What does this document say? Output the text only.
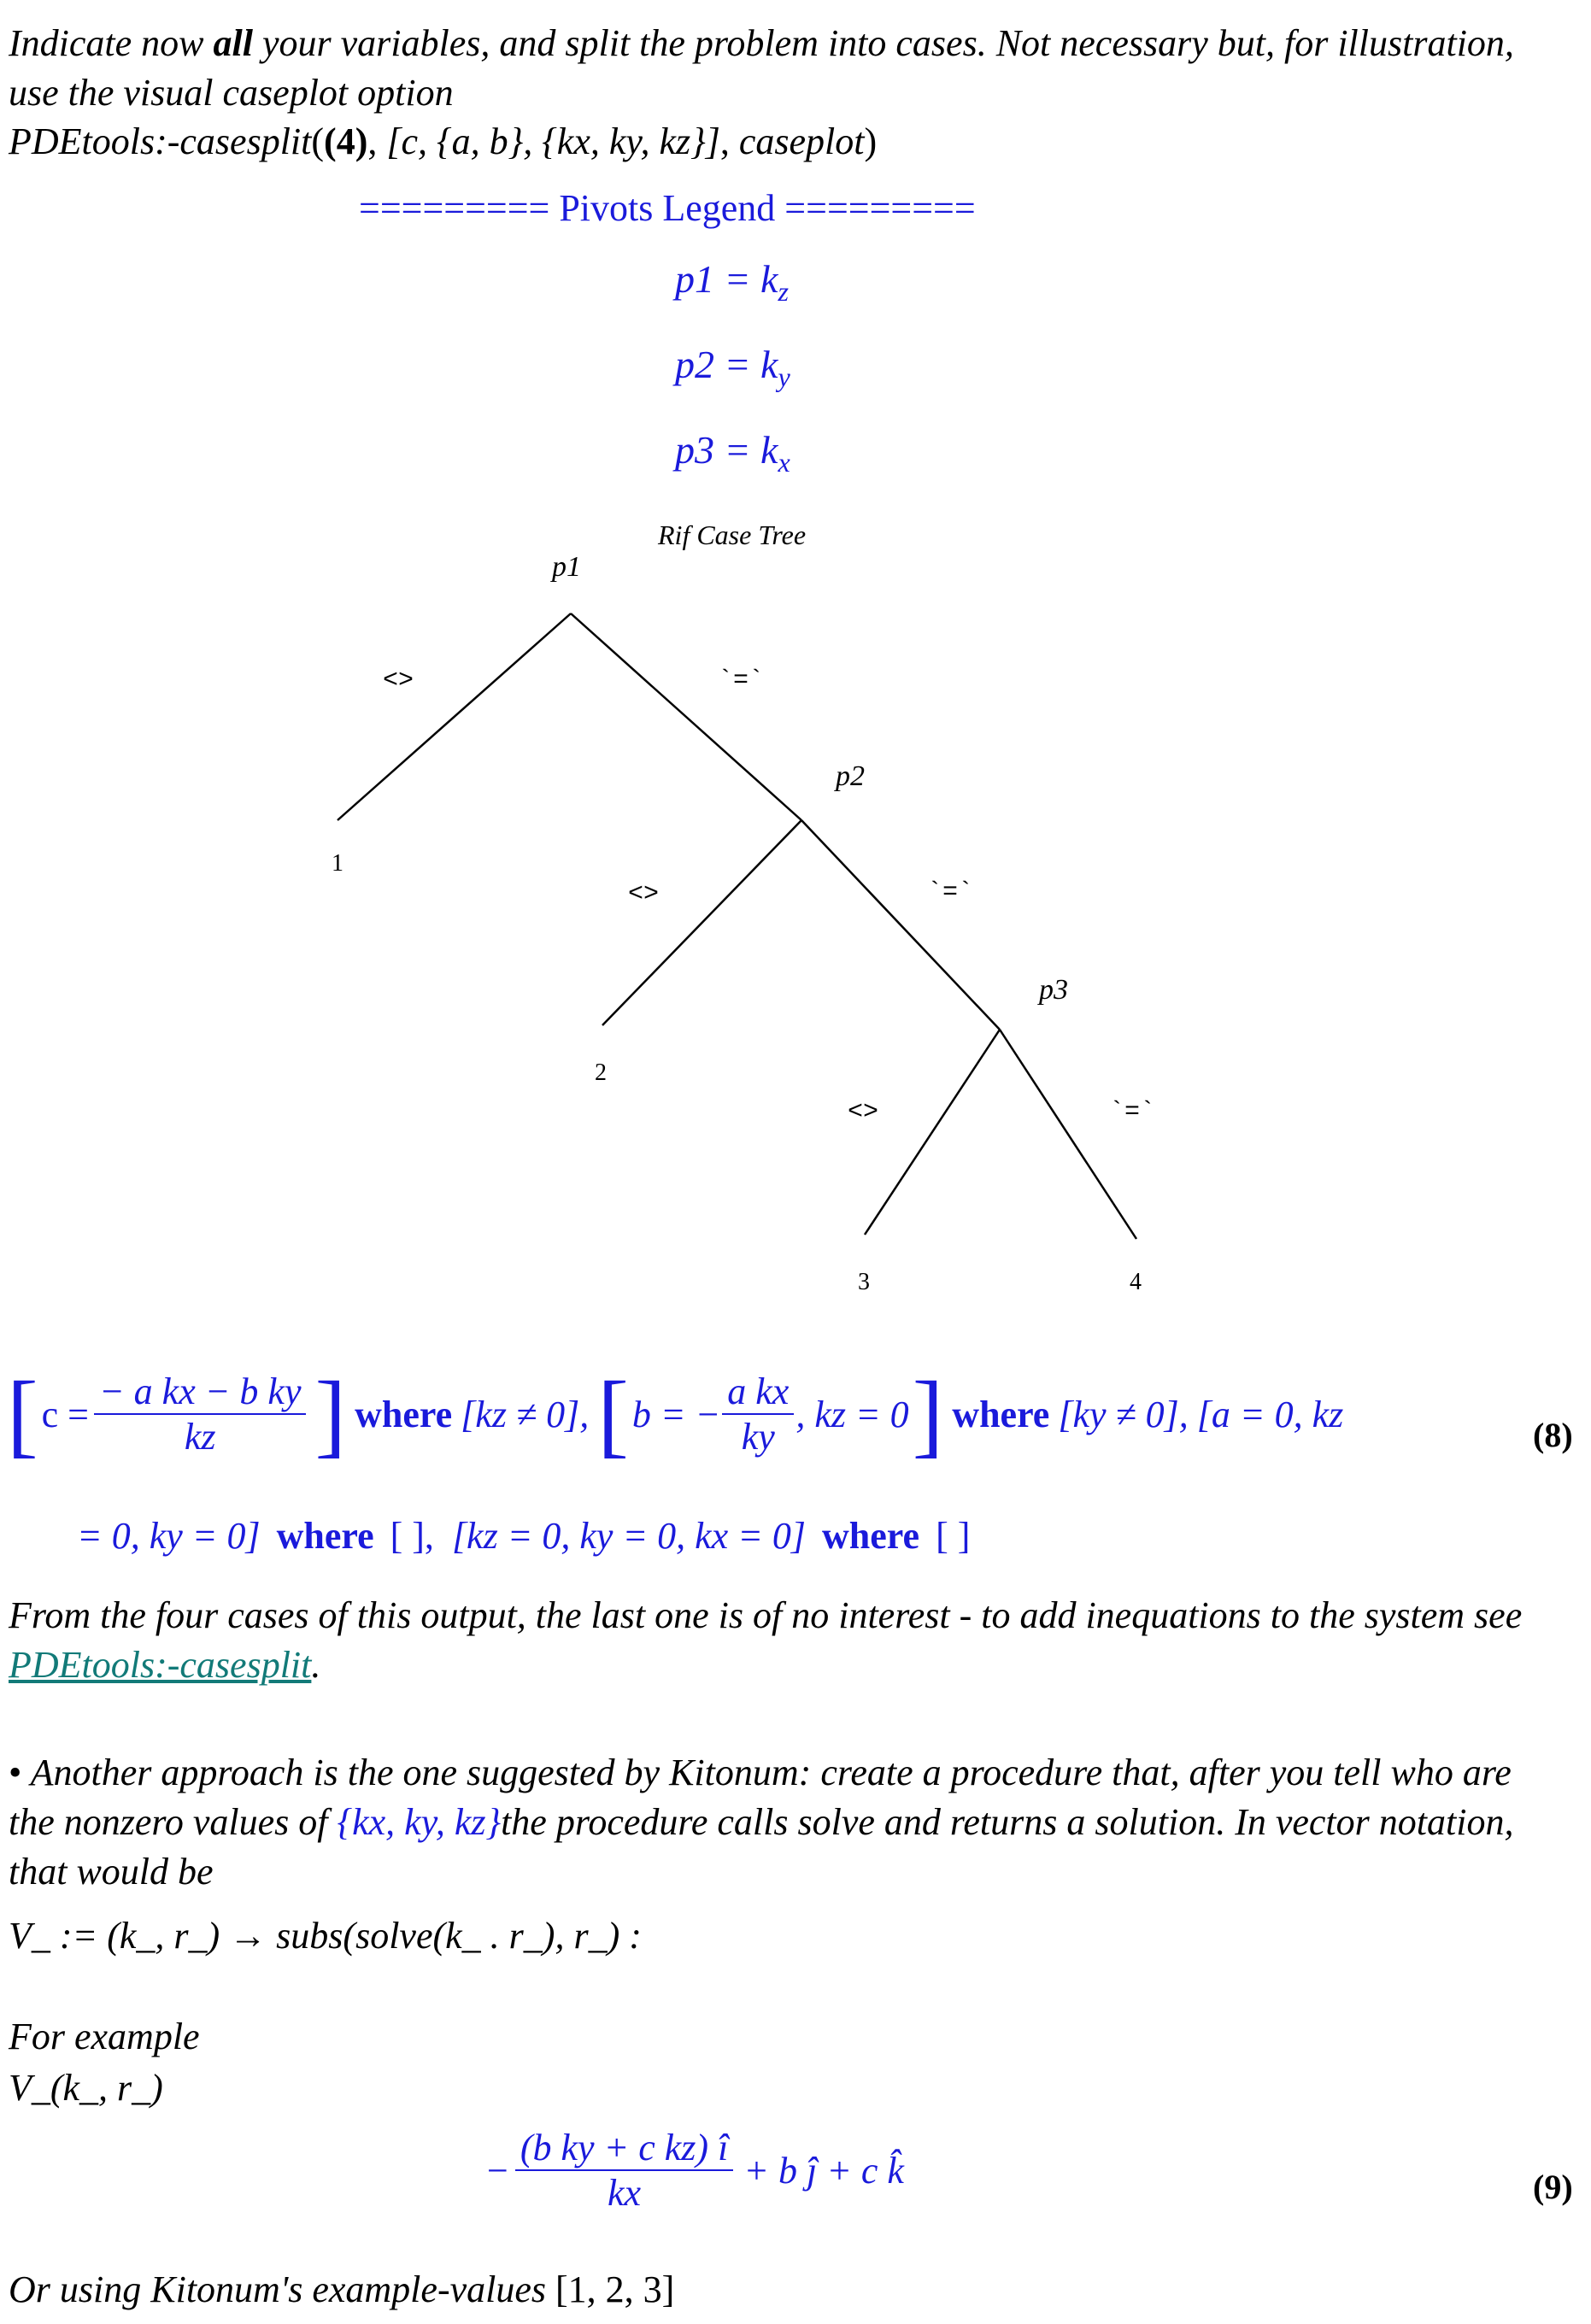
Indicate now all your variables, and split the problem into cases. Not necessary but, for illustration, use the visual caseplot option
PDEtools:-casesplit((4), [c, {a, b}, {kx, ky, kz}], caseplot)
========= Pivots Legend =========
$p1 = k_z$
$p2 = k_y$
$p3 = k_x$
Rif Case Tree
p1
p2
p3
<>	`=`
<>	`=`
<>	`=`
1
2
3	4
[ $c = \frac{\text{− a kx − b ky}}{kz}$ ] where [kz ≠ 0], [ b = − $\frac{\text{a kx}}{ky}$ , kz = 0 ] where [ky ≠ 0], [a = 0, kz	(8)
= 0, ky = 0] where [ ], [kz = 0, ky = 0, kx = 0] where [ ]
From the four cases of this output, the last one is of no interest - to add inequations to the system see PDEtools:-casesplit.
• Another approach is the one suggested by Kitonum: create a procedure that, after you tell who are the nonzero values of {kx, ky, kz}the procedure calls solve and returns a solution. In vector notation, that would be
V_ := (k_, r_) → subs(solve(k_ . r_), r_) :
For example
V_(k_, r_)
− $\frac{\text{(b ky + c kz) î}}{kx} + b$ ĵ + c k̂	(9)
Or using Kitonum's example-values [1, 2, 3]
